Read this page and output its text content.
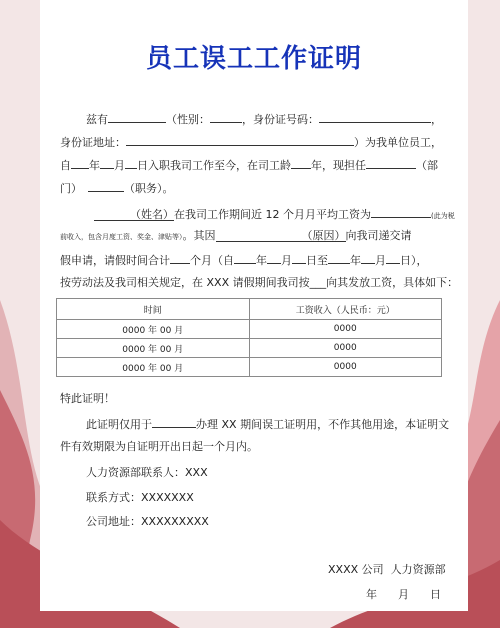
员工误工工作证明
兹有	（性别：	，身份证号码：	，
身份证地址：	）为我单位员工，
自 年 月 日入职我司工作至今，在司工龄 年，现担任	（部
门）	（职务）。
（姓名）在我司工作期间近 12 个月月平均工资为	(此为税
前收入，包含月度工资、奖金、津贴等）。其因	（原因）向我司递交请
假申请，请假时间合计 个月（自 年 月 日至 年 月 日），
按劳动法及我司相关规定，在 XXX 请假期间我司按___向其发放工资，具体如下：
时间	工资收入（人民币：元）
0000 年 00 月	0000
0000 年 00 月	0000
0000 年 00 月	0000
特此证明！
此证明仅用于	办理 XX 期间误工证明用，不作其他用途，本证明文
件有效期限为自证明开出日起一个月内。
人力资源部联系人：XXX
联系方式：XXXXXXX
公司地址：XXXXXXXXX
XXXX 公司  人力资源部
年      月      日
